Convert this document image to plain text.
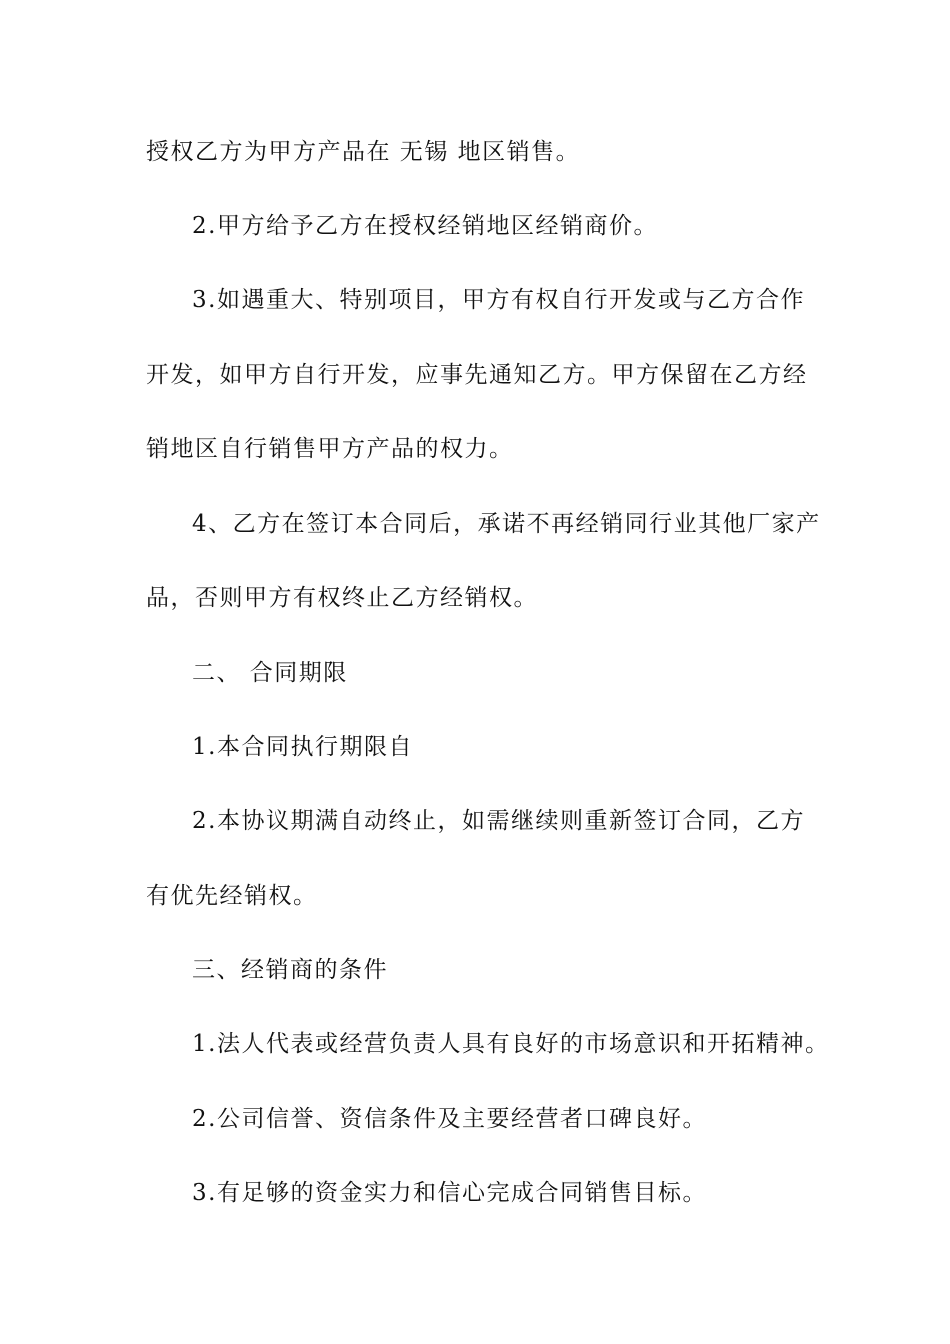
授权乙方为甲方产品在 无锡 地区销售。
2.甲方给予乙方在授权经销地区经销商价。
3.如遇重大、特别项目，甲方有权自行开发或与乙方合作
开发，如甲方自行开发，应事先通知乙方。甲方保留在乙方经
销地区自行销售甲方产品的权力。
4、乙方在签订本合同后，承诺不再经销同行业其他厂家产
品，否则甲方有权终止乙方经销权。
二、 合同期限
1.本合同执行期限自
2.本协议期满自动终止，如需继续则重新签订合同，乙方
有优先经销权。
三、经销商的条件
1.法人代表或经营负责人具有良好的市场意识和开拓精神。
2.公司信誉、资信条件及主要经营者口碑良好。
3.有足够的资金实力和信心完成合同销售目标。
